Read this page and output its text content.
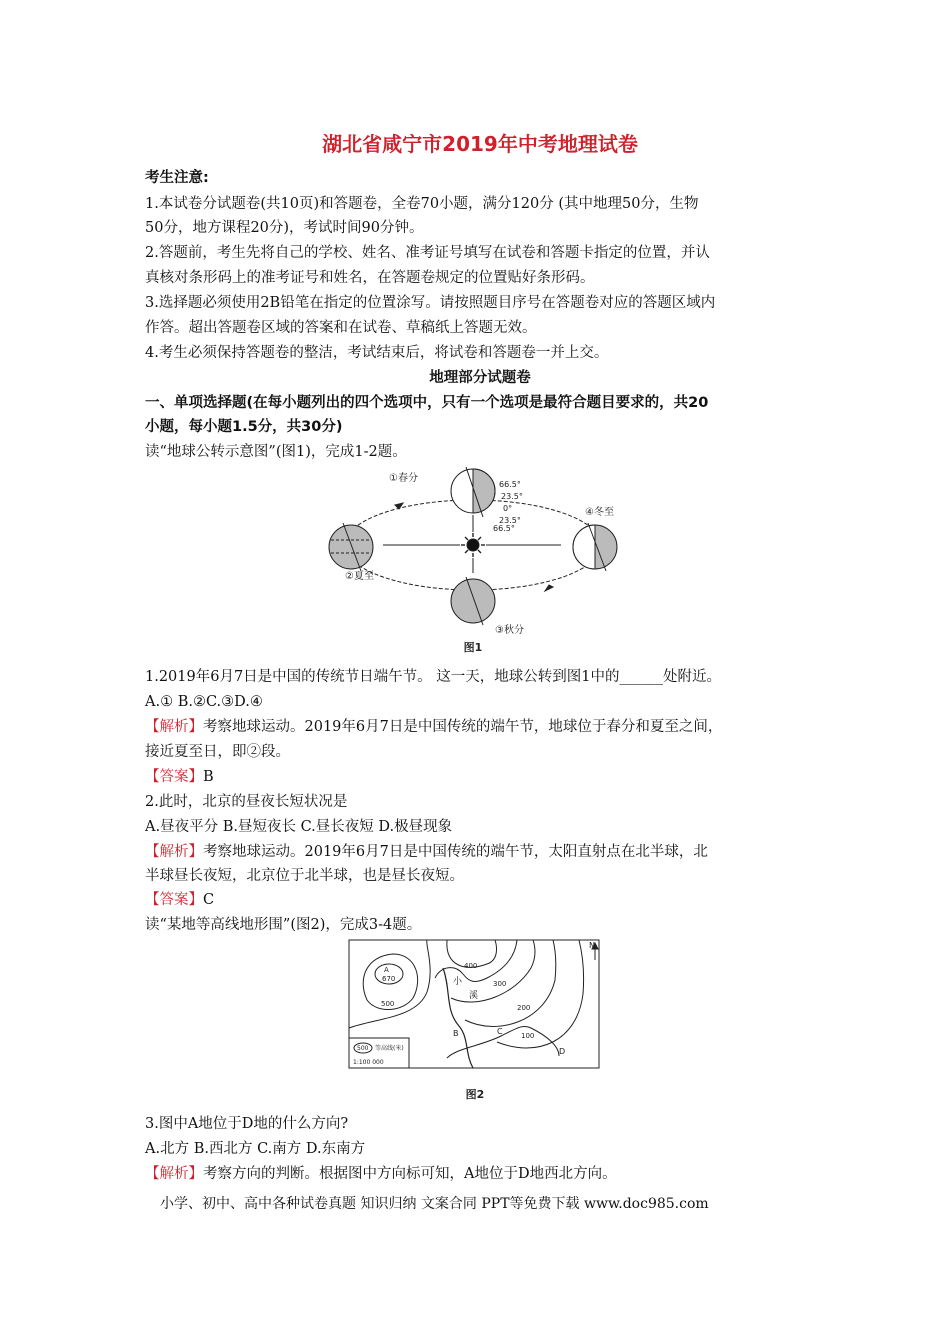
湖北省咸宁市2019年中考地理试卷
考生注意:
1.本试卷分试题卷(共10页)和答题卷，全卷70小题，满分120分 (其中地理50分，生物
50分，地方课程20分)，考试时间90分钟。
2.答题前，考生先将自己的学校、姓名、准考证号填写在试卷和答题卡指定的位置，并认
真核对条形码上的准考证号和姓名，在答题卷规定的位置贴好条形码。
3.选择题必须使用2B铅笔在指定的位置涂写。请按照题目序号在答题卷对应的答题区域内
作答。超出答题卷区域的答案和在试卷、草稿纸上答题无效。
4.考生必须保持答题卷的整洁，考试结束后，将试卷和答题卷一并上交。
地理部分试题卷
一、单项选择题(在每小题列出的四个选项中，只有一个选项是最符合题目要求的，共20
小题，每小题1.5分，共30分)
读“地球公转示意图”(图1)，完成1-2题。
①春分
②夏至
③秋分
④冬至
66.5°
23.5°
0°
23.5°
66.5°
图1
1.2019年6月7日是中国的传统节日端午节。 这一天，地球公转到图1中的______处附近。
A.① B.②C.③D.④
【解析】考察地球运动。2019年6月7日是中国传统的端午节，地球位于春分和夏至之间，
接近夏至日，即②段。
【答案】B
2.此时，北京的昼夜长短状况是
A.昼夜平分 B.昼短夜长 C.昼长夜短 D.极昼现象
【解析】考察地球运动。2019年6月7日是中国传统的端午节，太阳直射点在北半球，北
半球昼长夜短，北京位于北半球，也是昼长夜短。
【答案】C
读“某地等高线地形围”(图2)，完成3-4题。
N
A
670
400
300
200
100
500
小
溪
B	C
D
500 等高线(米)
1:100 000
图2
3.图中A地位于D地的什么方向?
A.北方 B.西北方 C.南方 D.东南方
【解析】考察方向的判断。根据图中方向标可知，A地位于D地西北方向。
小学、初中、高中各种试卷真题 知识归纳 文案合同 PPT等免费下载 www.doc985.com
